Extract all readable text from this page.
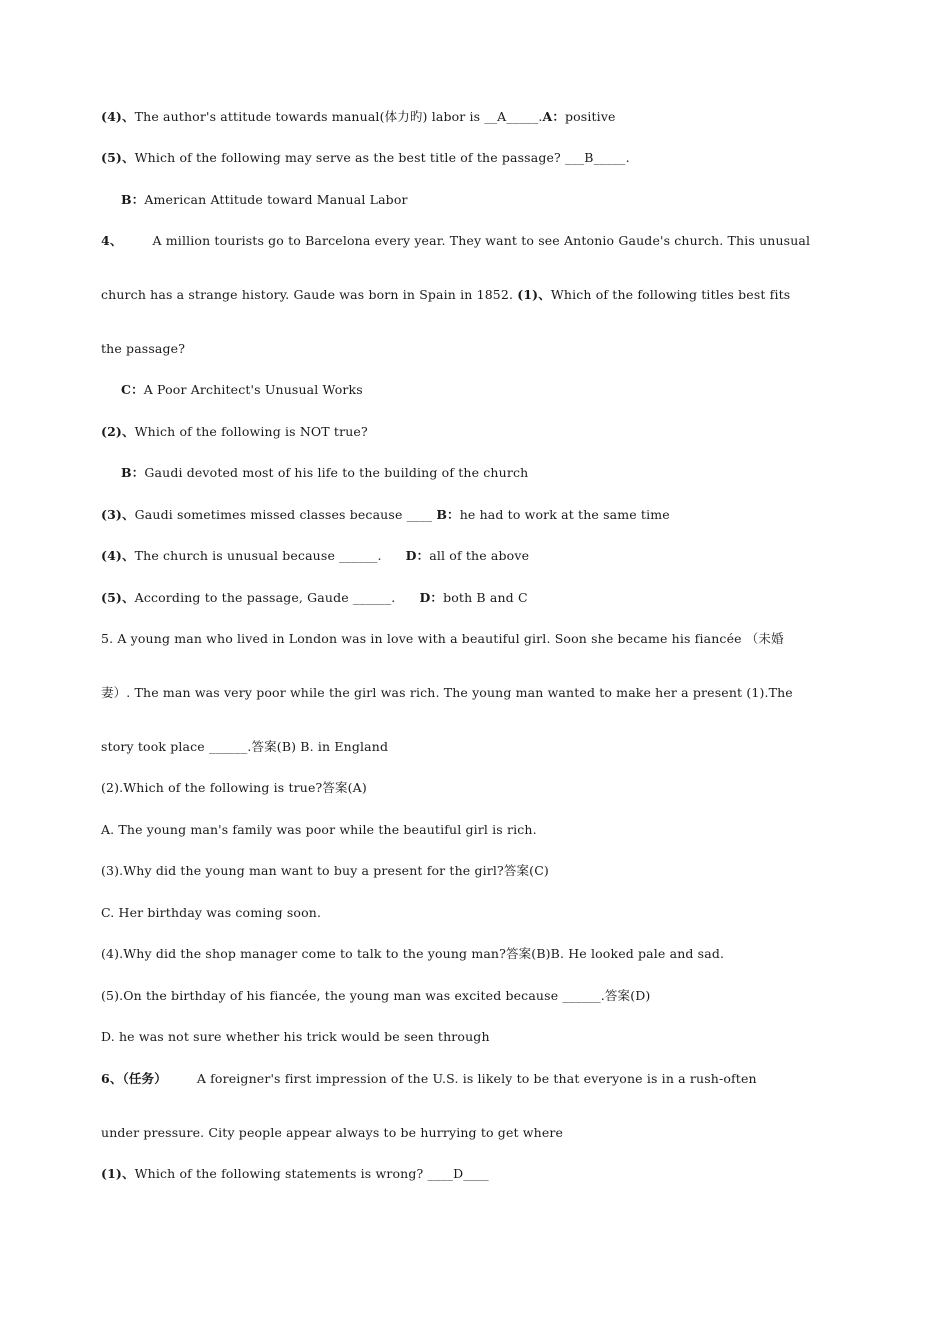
(4)、The author's attitude towards manual(体力旳) labor is __A_____.A：positive
(5)、Which of the following may serve as the best title of the passage? ___B_____.
B：American Attitude toward Manual Labor
4、 A million tourists go to Barcelona every year. They want to see Antonio Gaude's church. This unusual
church has a strange history. Gaude was born in Spain in 1852. (1)、Which of the following titles best fits
the passage?
C：A Poor Architect's Unusual Works
(2)、Which of the following is NOT true?
B：Gaudi devoted most of his life to the building of the church
(3)、Gaudi sometimes missed classes because ____ B：he had to work at the same time
(4)、The church is unusual because ______. D：all of the above
(5)、According to the passage, Gaude ______. D：both B and C
5. A young man who lived in London was in love with a beautiful girl. Soon she became his fiancée （未婚
妻）. The man was very poor while the girl was rich. The young man wanted to make her a present (1).The
story took place ______.答案(B) B. in England
(2).Which of the following is true?答案(A)
A. The young man's family was poor while the beautiful girl is rich.
(3).Why did the young man want to buy a present for the girl?答案(C)
C. Her birthday was coming soon.
(4).Why did the shop manager come to talk to the young man?答案(B)B. He looked pale and sad.
(5).On the birthday of his fiancée, the young man was excited because ______.答案(D)
D. he was not sure whether his trick would be seen through
6、（任务） A foreigner's first impression of the U.S. is likely to be that everyone is in a rush-often
under pressure. City people appear always to be hurrying to get where
(1)、Which of the following statements is wrong? ____D____
